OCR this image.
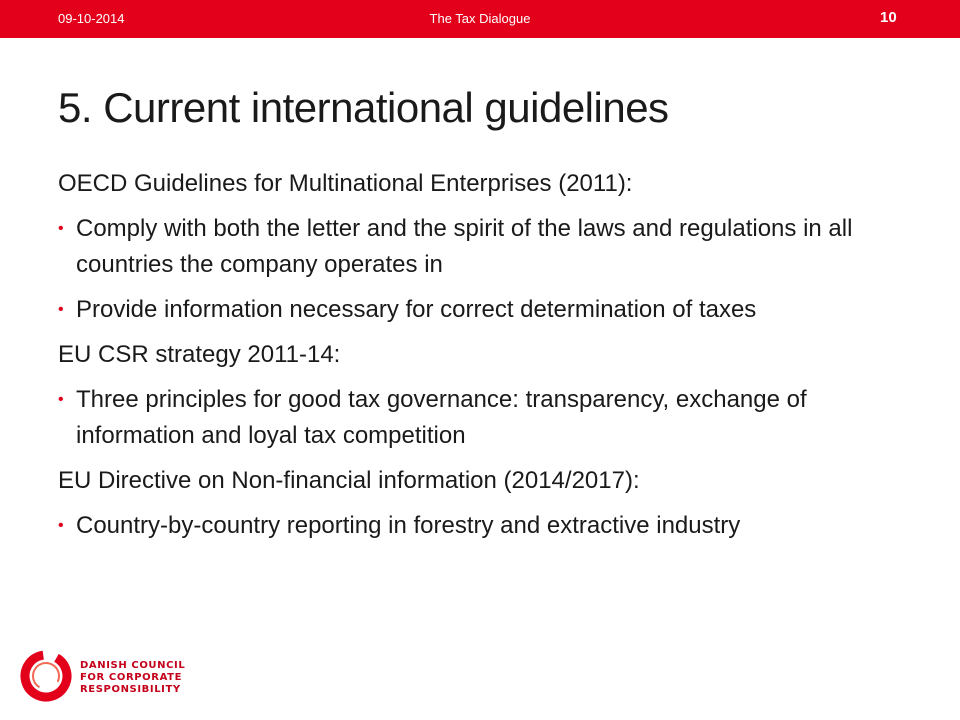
09-10-2014	The Tax Dialogue	10
5. Current international guidelines

OECD Guidelines for Multinational Enterprises (2011):

• Comply with both the letter and the spirit of the laws and regulations in all countries the company operates in
• Provide information necessary for correct determination of taxes

EU CSR strategy 2011-14:

• Three principles for good tax governance: transparency, exchange of information and loyal tax competition

EU Directive on Non-financial information (2014/2017):

• Country-by-country reporting in forestry and extractive industry
DANISH COUNCIL
FOR CORPORATE
RESPONSIBILITY
